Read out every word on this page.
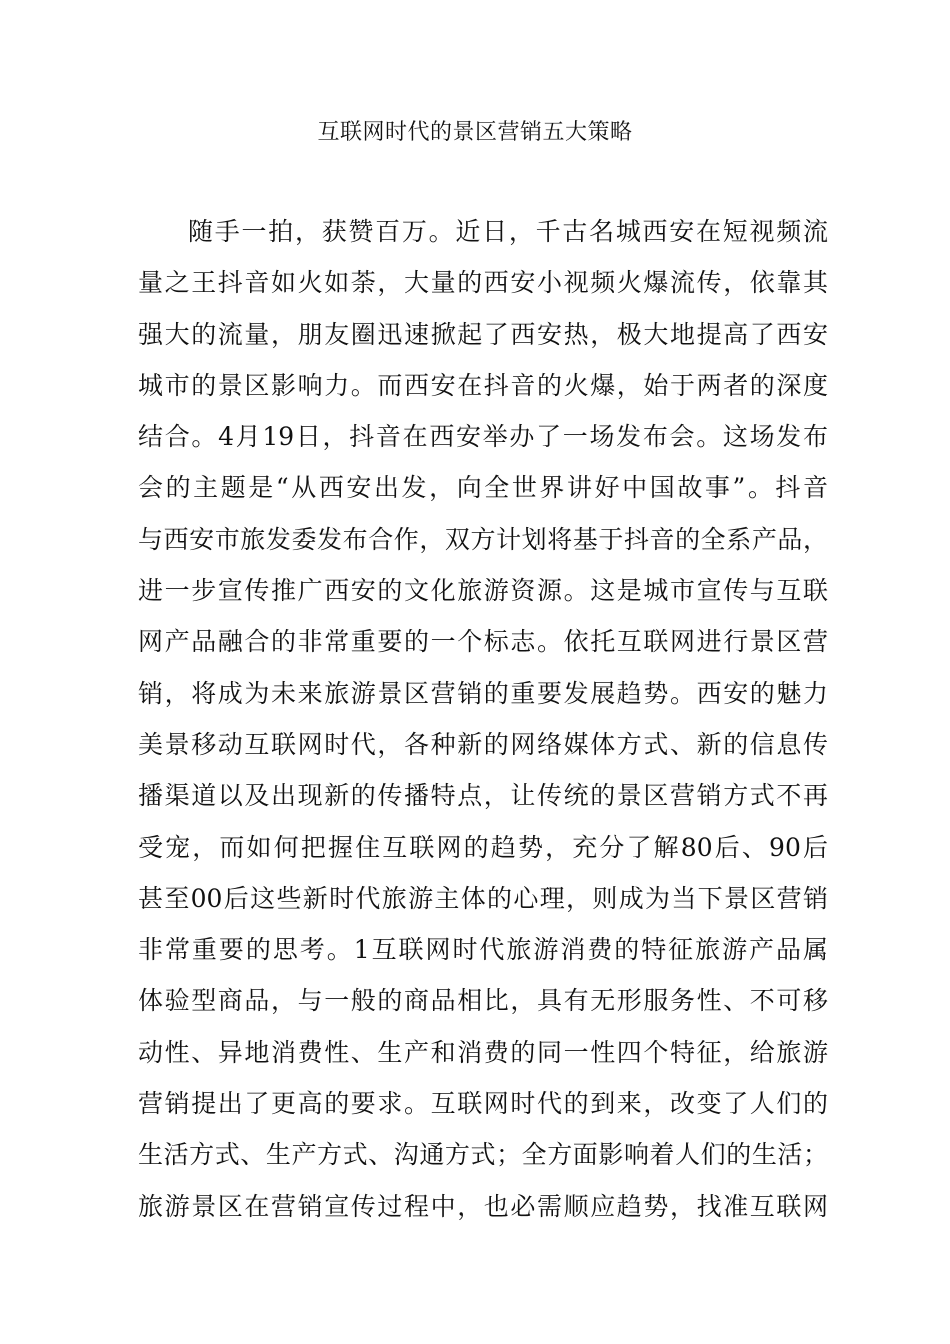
互联网时代的景区营销五大策略
随手一拍，获赞百万。近日，千古名城西安在短视频流
量之王抖音如火如荼，大量的西安小视频火爆流传，依靠其
强大的流量，朋友圈迅速掀起了西安热，极大地提高了西安
城市的景区影响力。而西安在抖音的火爆，始于两者的深度
结合。4月19日，抖音在西安举办了一场发布会。这场发布
会的主题是“从西安出发，向全世界讲好中国故事”。抖音
与西安市旅发委发布合作，双方计划将基于抖音的全系产品，
进一步宣传推广西安的文化旅游资源。这是城市宣传与互联
网产品融合的非常重要的一个标志。依托互联网进行景区营
销，将成为未来旅游景区营销的重要发展趋势。西安的魅力
美景移动互联网时代，各种新的网络媒体方式、新的信息传
播渠道以及出现新的传播特点，让传统的景区营销方式不再
受宠，而如何把握住互联网的趋势，充分了解80后、90后
甚至00后这些新时代旅游主体的心理，则成为当下景区营销
非常重要的思考。1互联网时代旅游消费的特征旅游产品属
体验型商品，与一般的商品相比，具有无形服务性、不可移
动性、异地消费性、生产和消费的同一性四个特征，给旅游
营销提出了更高的要求。互联网时代的到来，改变了人们的
生活方式、生产方式、沟通方式；全方面影响着人们的生活；
旅游景区在营销宣传过程中，也必需顺应趋势，找准互联网
